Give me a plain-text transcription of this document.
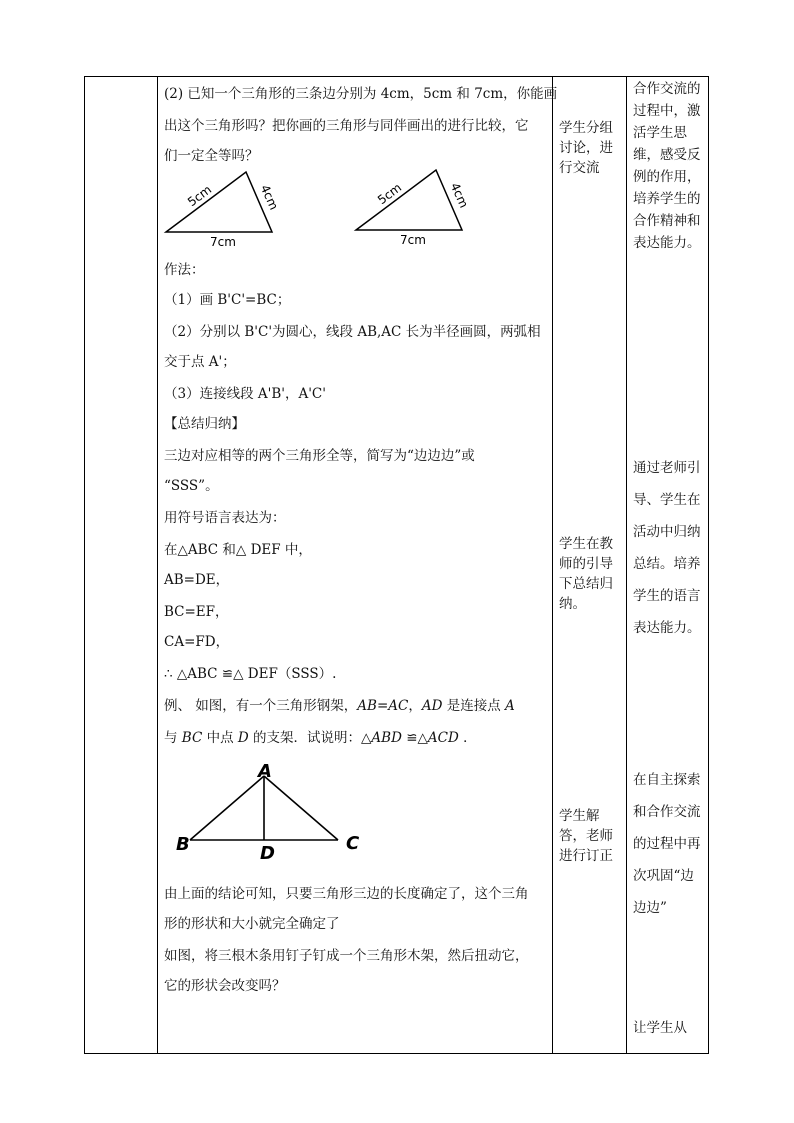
(2) 已知一个三角形的三条边分别为 4cm，5cm 和 7cm，你能画
出这个三角形吗？把你画的三角形与同伴画出的进行比较，它
们一定全等吗？
5cm	4cm
7cm
5cm	4cm
7cm
作法：
（1）画 B'C'=BC；
（2）分别以 B'C'为圆心，线段 AB,AC 长为半径画圆，两弧相
交于点 A'；
（3）连接线段 A'B'，A'C'
【总结归纳】
三边对应相等的两个三角形全等，简写为“边边边”或
“SSS”。
用符号语言表达为：
在△ABC 和△ DEF 中，
AB=DE，
BC=EF，
CA=FD，
∴ △ABC ≌△ DEF（SSS）.
例、 如图，有一个三角形钢架，AB=AC，AD 是连接点 A
与 BC 中点 D 的支架．试说明：△ABD ≌△ACD ．
A
B	C
D
由上面的结论可知，只要三角形三边的长度确定了，这个三角
形的形状和大小就完全确定了
如图，将三根木条用钉子钉成一个三角形木架，然后扭动它，
它的形状会改变吗？
学生分组讨论，进行交流
学生在教师的引导下总结归纳。
学生解答，老师进行订正
合作交流的过程中，激活学生思维，感受反例的作用，培养学生的合作精神和表达能力。
通过老师引导、学生在活动中归纳总结。培养学生的语言表达能力。
在自主探索和合作交流的过程中再次巩固“边边边”
让学生从
